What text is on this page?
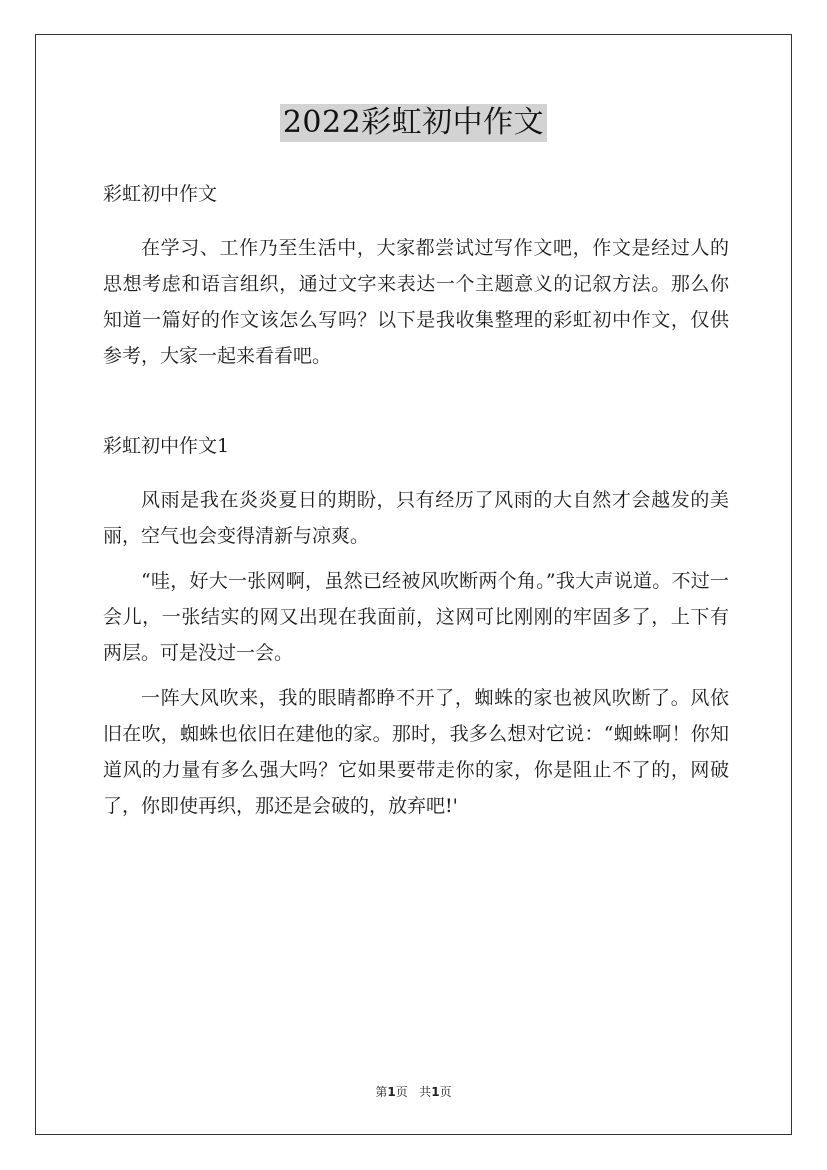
2022彩虹初中作文
彩虹初中作文

在学习、工作乃至生活中，大家都尝试过写作文吧，作文是经过人的思想考虑和语言组织，通过文字来表达一个主题意义的记叙方法。那么你知道一篇好的作文该怎么写吗？以下是我收集整理的彩虹初中作文，仅供参考，大家一起来看看吧。

彩虹初中作文1

风雨是我在炎炎夏日的期盼，只有经历了风雨的大自然才会越发的美丽，空气也会变得清新与凉爽。

“哇，好大一张网啊，虽然已经被风吹断两个角。”我大声说道。不过一会儿，一张结实的网又出现在我面前，这网可比刚刚的牢固多了，上下有两层。可是没过一会。

一阵大风吹来，我的眼睛都睁不开了，蜘蛛的家也被风吹断了。风依旧在吹，蜘蛛也依旧在建他的家。那时，我多么想对它说：“蜘蛛啊！你知道风的力量有多么强大吗？它如果要带走你的家，你是阻止不了的，网破了，你即使再织，那还是会破的，放弃吧!'

第1页 共1页
